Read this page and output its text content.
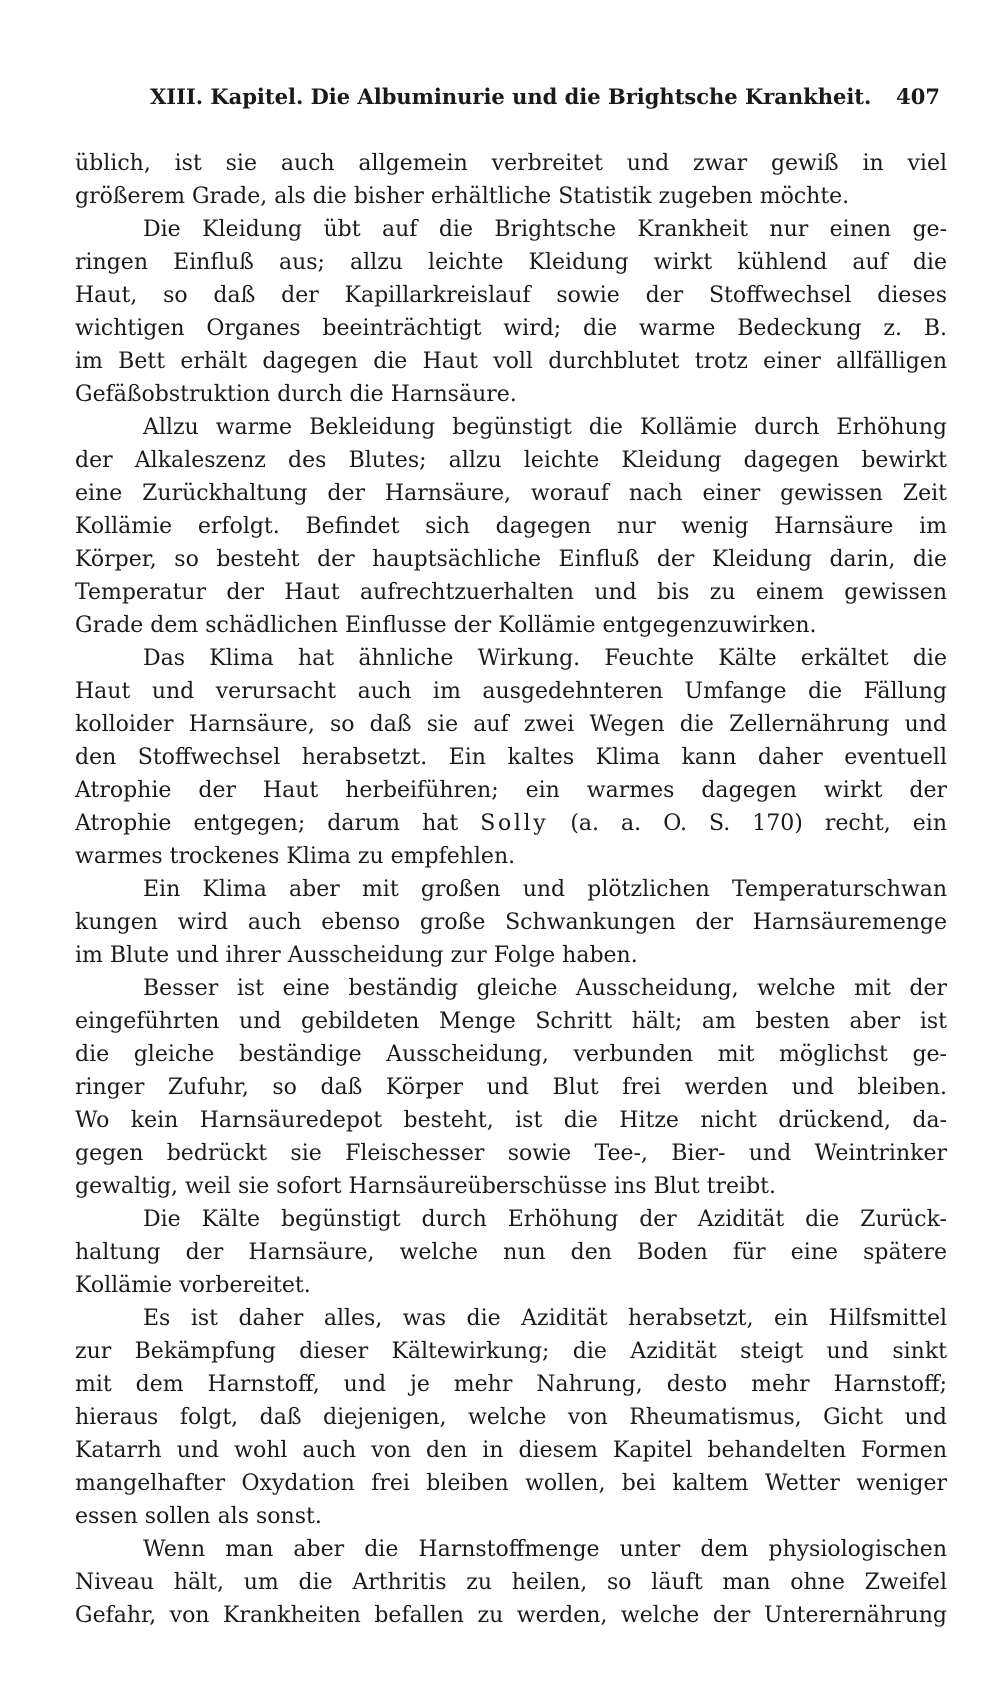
XIII. Kapitel. Die Albuminurie und die Brightsche Krankheit. 407
üblich, ist sie auch allgemein verbreitet und zwar gewiß in viel
größerem Grade, als die bisher erhältliche Statistik zugeben möchte.
Die Kleidung übt auf die Brightsche Krankheit nur einen ge-
ringen Einfluß aus; allzu leichte Kleidung wirkt kühlend auf die
Haut, so daß der Kapillarkreislauf sowie der Stoffwechsel dieses
wichtigen Organes beeinträchtigt wird; die warme Bedeckung z. B.
im Bett erhält dagegen die Haut voll durchblutet trotz einer allfälligen
Gefäßobstruktion durch die Harnsäure.
Allzu warme Bekleidung begünstigt die Kollämie durch Erhöhung
der Alkaleszenz des Blutes; allzu leichte Kleidung dagegen bewirkt
eine Zurückhaltung der Harnsäure, worauf nach einer gewissen Zeit
Kollämie erfolgt. Befindet sich dagegen nur wenig Harnsäure im
Körper, so besteht der hauptsächliche Einfluß der Kleidung darin, die
Temperatur der Haut aufrechtzuerhalten und bis zu einem gewissen
Grade dem schädlichen Einflusse der Kollämie entgegenzuwirken.
Das Klima hat ähnliche Wirkung. Feuchte Kälte erkältet die
Haut und verursacht auch im ausgedehnteren Umfange die Fällung
kolloider Harnsäure, so daß sie auf zwei Wegen die Zellernährung und
den Stoffwechsel herabsetzt. Ein kaltes Klima kann daher eventuell
Atrophie der Haut herbeiführen; ein warmes dagegen wirkt der
Atrophie entgegen; darum hat Solly (a. a. O. S. 170) recht, ein
warmes trockenes Klima zu empfehlen.
Ein Klima aber mit großen und plötzlichen Temperaturschwan
kungen wird auch ebenso große Schwankungen der Harnsäuremenge
im Blute und ihrer Ausscheidung zur Folge haben.
Besser ist eine beständig gleiche Ausscheidung, welche mit der
eingeführten und gebildeten Menge Schritt hält; am besten aber ist
die gleiche beständige Ausscheidung, verbunden mit möglichst ge-
ringer Zufuhr, so daß Körper und Blut frei werden und bleiben.
Wo kein Harnsäuredepot besteht, ist die Hitze nicht drückend, da-
gegen bedrückt sie Fleischesser sowie Tee-, Bier- und Weintrinker
gewaltig, weil sie sofort Harnsäureüberschüsse ins Blut treibt.
Die Kälte begünstigt durch Erhöhung der Azidität die Zurück-
haltung der Harnsäure, welche nun den Boden für eine spätere
Kollämie vorbereitet.
Es ist daher alles, was die Azidität herabsetzt, ein Hilfsmittel
zur Bekämpfung dieser Kältewirkung; die Azidität steigt und sinkt
mit dem Harnstoff, und je mehr Nahrung, desto mehr Harnstoff;
hieraus folgt, daß diejenigen, welche von Rheumatismus, Gicht und
Katarrh und wohl auch von den in diesem Kapitel behandelten Formen
mangelhafter Oxydation frei bleiben wollen, bei kaltem Wetter weniger
essen sollen als sonst.
Wenn man aber die Harnstoffmenge unter dem physiologischen
Niveau hält, um die Arthritis zu heilen, so läuft man ohne Zweifel
Gefahr, von Krankheiten befallen zu werden, welche der Unterernährung
